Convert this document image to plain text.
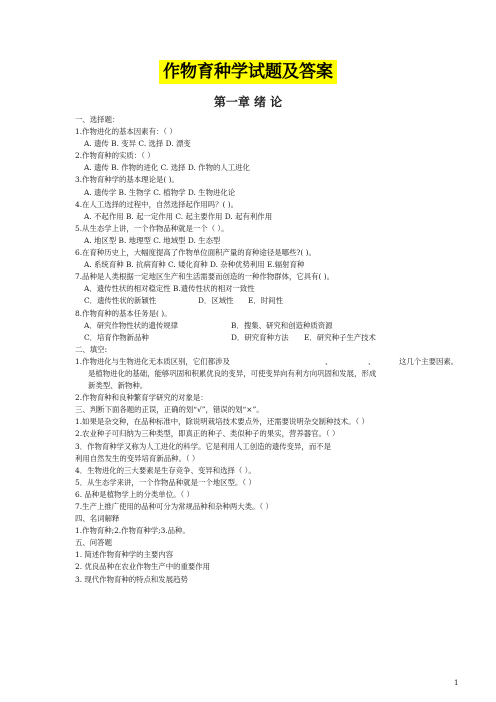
作物育种学试题及答案
第一章 绪 论
一、选择题：
1.作物进化的基本因素有：（ ）
A. 遗传 B. 变异 C. 选择 D. 漂变
2.作物育种的实质：（ ）
A. 遗传 B. 作物的进化 C. 选择 D. 作物的人工进化
3.作物育种学的基本理论是( )。
A. 遗传学 B. 生物学 C. 植物学 D. 生物进化论
4.在人工选择的过程中，自然选择起作用吗？( )。
A. 不起作用 B. 起一定作用 C. 起主要作用 D. 起有利作用
5.从生态学上讲，一个作物品种就是一个（ ）。
A. 地区型 B. 地理型 C. 地域型 D. 生态型
6.在育种历史上，大幅度提高了作物单位面积产量的育种途径是哪些?( )。
A. 系统育种 B. 抗病育种 C. 矮化育种 D. 杂种优势利用 E.辐射育种
7.品种是人类根据一定地区生产和生活需要而创造的一种作物群体，它具有( )。
A．遗传性状的相对稳定性 B.遗传性状的相对一致性
C．遗传性状的新颖性	D．区域性 E．时间性
8.作物育种的基本任务是( )。
A．研究作物性状的遗传规律	B．搜集、研究和创造种质资源
C．培育作物新品种	D．研究育种方法 E．研究种子生产技术
二、填空:
1.作物进化与生物进化无本质区别，它们都涉及	、	、	这几个主要因素。
是植物进化的基础，能够巩固和积累优良的变异，可使变异向有利方向巩固和发展，形成
新类型、新物种。
2.作物育种和良种繁育学研究的对象是：
三、判断下面各题的正误，正确的划“√”，错误的划“×”。
1.如果是杂交种，在品种标准中，除说明栽培技术要点外，还需要说明杂交制种技术。（ ）
2.农业种子可归纳为三种类型，即真正的种子、类似种子的果实，营养器官。（ ）
3．作物育种学又称为人工进化的科学。它是利用人工创造的遗传变异，而不是
利用自然发生的变异培育新品种。（ ）
4．生物进化的三大要素是生存竞争、变异和选择（ ）。
5．从生态学来讲，一个作物品种就是一个地区型。（ ）
6. 品种是植物学上的分类单位。（ ）
7.生产上推广使用的品种可分为常规品种和杂种两大类。（ ）
四、名词解释
1.作物育种;2.作物育种学;3.品种。
五、问答题
1. 简述作物育种学的主要内容
2. 优良品种在农业作物生产中的重要作用
3. 现代作物育种的特点和发展趋势
1
